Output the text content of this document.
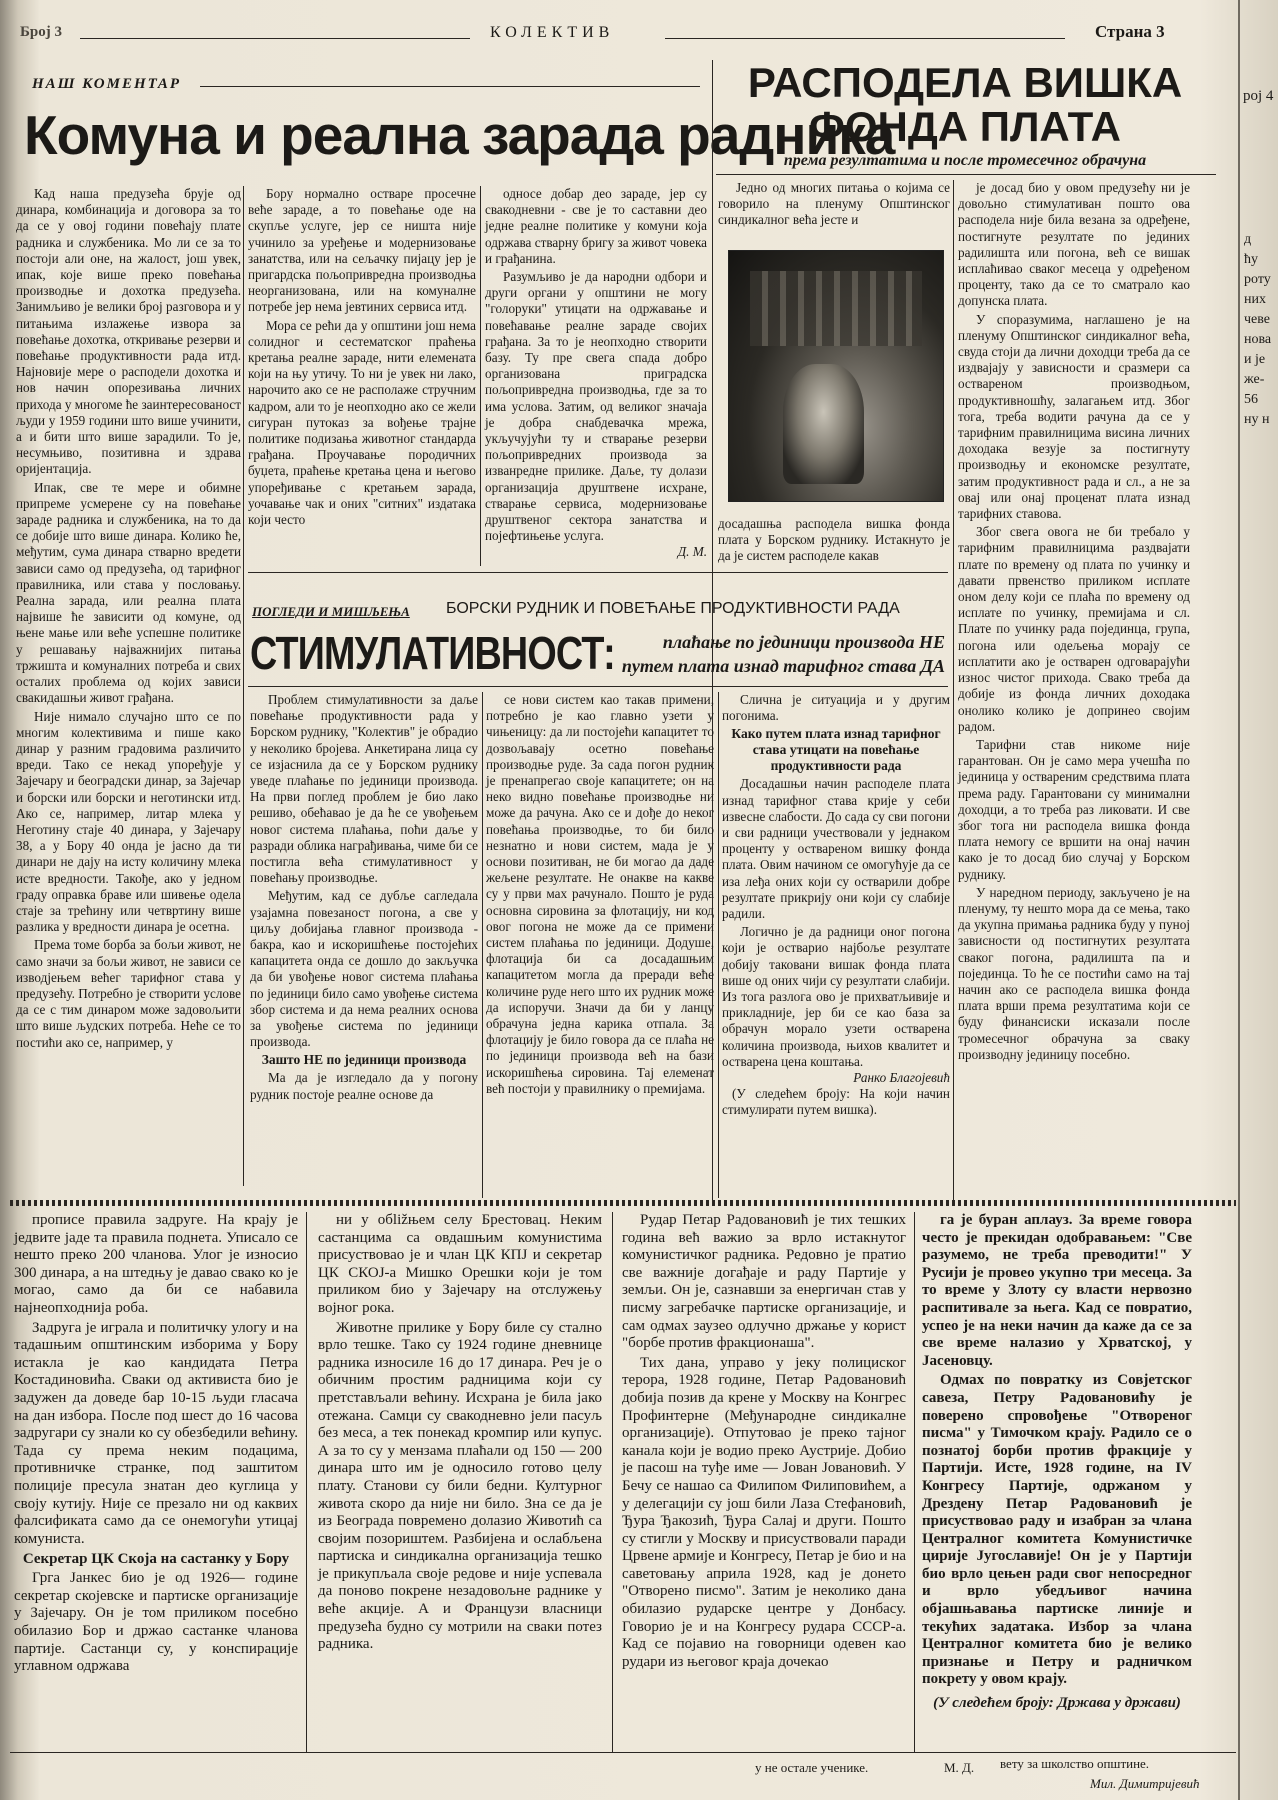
Број 3	КОЛЕКТИВ	Страна 3
рој 4
НАШ КОМЕНТАР
Комуна и реална зарада радника

Кад наша предузећа брује од динара, комбинација и договора за то да се у овој години повећају плате радника и службеника. Мо ли се за то постоји али оне, на жалост, још увек, ипак, које више преко повећања производње и дохотка предузећа. Занимљиво је велики број разговора и у питањима излажење извора за повећање дохотка, откривање резерви и повећање продуктивности рада итд. Најновије мере о расподели дохотка и нов начин опорезивања личних прихода у многоме ће заинтересованост људи у 1959 години што више учинити, а и бити што више зарадили. То је, несумњиво, позитивна и здрава оријентација.

Ипак, све те мере и обимне припреме усмерене су на повећање зараде радника и службеника, на то да се добије што више динара. Колико ће, међутим, сума динара стварно вредети зависи само од предузећа, од тарифног правилника, или става у пословању. Реална зарада, или реална плата највише ће зависити од комуне, од њене мање или веће успешне политике у решавању најважнијих питања тржишта и комуналних потреба и свих осталих проблема од којих зависи свакидашњи живот грађана.

Није нимало случајно што се по многим колективима и пише како динар у разним градовима различито вреди. Тако се некад упоређује у Зајечару и београдски динар, за Зајечар и борски или борски и неготински итд. Ако се, например, литар млека у Неготину стаје 40 динара, у Зајечару 38, а у Бору 40 онда је јасно да ти динари не дају на исту количину млека исте вредности. Такође, ако у једном граду оправка браве или шивење одела стаје за трећину или четвртину више разлика у вредности динара је осетна.

Према томе борба за бољи живот, не само значи за бољи живот, не зависи се изводјењем већег тарифног става у предузећу. Потребно је створити услове да се с тим динаром може задовољити што више људских потреба. Неће се то постићи ако се, например, у

Бору нормално остваре просечне веће зараде, а то повећање оде на скупље услуге, јер се ништа није учинило за уређење и модернизовање занатства, или на сељачку пијацу јер је пригардска пољопривредна производња неорганизована, или на комуналне потребе јер нема јевтиних сервиса итд.

Мора се рећи да у општини још нема солидног и сестематског праћења кретања реалне зараде, нити елемената који на њу утичу. То ни је увек ни лако, нарочито ако се не располаже стручним кадром, али то је неопходно ако се жели сигуран путоказ за вођење трајне политике подизања животног стандарда грађана. Проучавање породичних буџета, праћење кретања цена и његово упоређивање с кретањем зарада, уочавање чак и оних "ситних" издатака који често

односе добар део зараде, јер су свакодневни - све је то саставни део једне реалне политике у комуни која одржава стварну бригу за живот човека и грађанина.

Разумљиво је да народни одбори и други органи у општини не могу "голоруки" утицати на одржавање и повећавање реалне зараде својих грађана. За то је неопходно створити базу. Ту пре свега спада добро организована приградска пољопривредна производња, где за то има услова. Затим, од великог значаја је добра снабдевачка мрежа, укључујући ту и стварање резерви пољопривредних производа за изванредне прилике. Даље, ту долази организација друштвене исхране, стварање сервиса, модернизовање друштвеног сектора занатства и појефтињење услуга.

Д. М.
РАСПОДЕЛА ВИШКА
ФОНДА ПЛАТА
према резултатима и после тромесечног обрачуна

Једно од многих питања о којима се говорило на пленуму Општинског синдикалног већа јесте и

досадашња расподела вишка фонда плата у Борском руднику. Истакнуто је да је систем расподеле какав

је досад био у овом предузећу ни је довољно стимулативан пошто ова расподела није била везана за одређене, постигнуте резултате по јединих радилишта или погона, већ се вишак исплаћивао сваког месеца у одређеном проценту, тако да се то сматрало као допунска плата.

У споразумима, наглашено је на пленуму Општинског синдикалног већа, свуда стоји да лични доходци треба да се издвајају у зависности и сразмери са оствареном производњом, продуктивношћу, залагањем итд. Због тога, треба водити рачуна да се у тарифним правилницима висина личних доходака везује за постигнуту производњу и економске резултате, затим продуктивност рада и сл., а не за овај или онај проценат плата изнад тарифних ставова.

Због свега овога не би требало у тарифним правилницима раздвајати плате по времену од плата по учинку и давати првенство приликом исплате оном делу који се плаћа по времену од исплате по учинку, премијама и сл. Плате по учинку рада појединца, група, погона или одељења морају се исплатити ако је остварен одговарајући износ чистог прихода. Свако треба да добије из фонда личних доходака онолико колико је допринео својим радом.

Тарифни став никоме није гарантован. Он је само мера учешћа по јединица у оствареним средствима плата према раду. Гарантовани су минимални доходци, а то треба раз ликовати. И све због тога ни расподела вишка фонда плата немогу се вршити на онај начин како је то досад био случај у Борском руднику.

У наредном периоду, закључено је на пленуму, ту нешто мора да се мења, тако да укупна примања радника буду у пуној зависности од постигнутих резултата сваког погона, радилишта па и појединца. То ће се постићи само на тај начин ако се расподела вишка фонда плата врши према резултатима који се буду финансиски исказали после тромесечног обрачуна за сваку производну јединицу посебно.

ПОГЛЕДИ И МИШЉЕЊА БОРСКИ РУДНИК И ПОВЕЋАЊЕ ПРОДУКТИВНОСТИ РАДА
СТИМУЛАТИВНОСТ:	плаћање по јединици производа НЕ
путем плата изнад тарифног става ДА

Проблем стимулативности за даље повећање продуктивности рада у Борском руднику, "Колектив" је обрадио у неколико бројева. Анкетирана лица су се изјаснила да се у Борском руднику уведе плаћање по јединици производа. На први поглед проблем је био лако решиво, обећавао је да ће се увођењем новог система плаћања, поћи даље у разради облика награђивања, чиме би се постигла већа стимулативност у повећању производње.

Међутим, кад се дубље сагледала узајамна повезаност погона, а све у циљу добијања главног производа - бакра, као и искоришћење постојећих капацитета онда се дошло до закључка да би увођење новог система плаћања по јединици било само увођење система збор система и да нема реалних основа за увођење система по јединици производа.

Зашто НЕ по јединици производа

Ма да је изгледало да у погону рудник постоје реалне основе да

се нови систем као такав примени, потребно је као главно узети у чињеницу: да ли постојећи капацитет то дозвољавају осетно повећање производње руде. За сада погон рудник је пренапрегао своје капацитете; он на неко видно повећање производње ни може да рачуна. Ако се и дође до неког повећања производње, то би било незнатно и нови систем, мада је у основи позитиван, не би могао да даде жељене резултате. Не онакве на какве су у први мах рачунало. Пошто је руда основна сировина за флотацију, ни код овог погона не може да се примени систем плаћања по јединици. Додуше, флотација би са досадашњим капацитетом могла да преради веће количине руде него што их рудник може да испоручи. Значи да би у ланцу обрачуна једна карика отпала. За флотацију је било говора да се плаћа не по јединици производа већ на бази искоришћења сировина. Тај елеменат већ постоји у правилнику о премијама.

Слична је ситуација и у другим погонима.

Како путем плата изнад тарифног става утицати на повећање продуктивности рада

Досадашњи начин расподеле плата изнад тарифног става крије у себи извесне слабости. До сада су сви погони и сви радници учествовали у једнаком проценту у оствареном вишку фонда плата. Овим начином се омогућује да се иза леђа оних који су остварили добре резултате прикрију они који су слабије радили.

Логично је да радници оног погона који је остварио најбоље резултате добију таковани вишак фонда плата више од оних чији су резултати слабији. Из тога разлога ово је прихватљивије и прикладније, јер би се као база за обрачун морало узети остварена количина производа, њихов квалитет и остварена цена коштања.

Ранко Благојевић

(У следећем броју: На који начин стимулирати путем вишка).

прописе правила задруге. На крају је једвите јаде та правила поднета. Уписало се нешто преко 200 чланова. Улог је износио 300 динара, а на штедњу је давао свако ко је могао, само да би се набавила најнеопходнија роба.

Задруга је играла и политичку улогу и на тадашњим општинским изборима у Бору истакла је као кандидата Петра Костадиновића. Сваки од активиста био је задужен да доведе бар 10-15 људи гласача на дан избора. После под шест до 16 часова задругари су знали ко су обезбедили већину. Тада су према неким подацима, противничке странке, под заштитом полиције пресула знатан део куглица у своју кутију. Није се презало ни од каквих фалсификата само да се онемогући утицај комуниста.

Секретар ЦК Скоја на састанку у Бору

Грга Јанкес био је од 1926— године секретар скојевске и партиске организације у Зајечару. Он је том приликом посебно обилазио Бор и држао састанке чланова партије. Састанци су, у конспирације углавном одржава

ни у обližњем селу Брестовац. Неким састанцима са овдашњим комунистима присуствовао је и члан ЦК КПЈ и секретар ЦК СКОЈ-а Мишко Орешки који је том приликом био у Зајечару на отслужењу војног рока.

Животне прилике у Бору биле су стално врло тешке. Тако су 1924 године дневнице радника износиле 16 до 17 динара. Реч је о обичним простим радницима који су претстављали већину. Исхрана је била јако отежана. Самци су свакодневно јели пасуљ без меса, а тек понекад кромпир или купус. А за то су у мензама плаћали од 150 — 200 динара што им је односило готово целу плату. Станови су били бедни. Културног живота скоро да није ни било. Зна се да је из Београда повремено долазио Животић са својим позориштем. Разбијена и ослабљена партиска и синдикална организација тешко је прикупљала своје редове и није успевала да поново покрене незадовољне раднике у веће акције. А и Французи власници предузећа будно су мотрили на сваки потез радника.

Рудар Петар Радовановић је тих тешких година већ важио за врло истакнутог комунистичког радника. Редовно је пратио све важније догађаје и раду Партије у земљи. Он је, сазнавши за енергичан став у писму загребачке партиске организације, и сам одмах заузео одлучно држање у корист "борбе против фракционаша".

Тих дана, управо у јеку полициског терора, 1928 године, Петар Радовановић добија позив да крене у Москву на Конгрес Профинтерне (Међународне синдикалне организације). Отпутовао је преко тајног канала који је водио преко Аустрије. Добио је пасош на туђе име — Јован Јовановић. У Бечу се нашао са Филипом Филиповићем, а у делегацији су још били Лаза Стефановић, Ђура Ђакозић, Ђура Салај и други. Пошто су стигли у Москву и присуствовали паради Црвене армије и Конгресу, Петар је био и на саветовању априла 1928, кад је донето "Отворено писмо". Затим је неколико дана обилазио рударске центре у Донбасу. Говорио је и на Конгресу рудара СССР-а. Кад се појавио на говорници одевен као рудари из његовог краја дочекао

га је буран аплауз. За време говора често је прекидан одобравањем: "Све разумемо, не треба преводити!" У Русији је провео укупно три месеца. За то време у Злоту су власти нервозно распитивале за њега. Кад се повратио, успео је на неки начин да каже да се за све време налазио у Хрватској, у Јасеновцу.

Одмах по повратку из Совјетског савеза, Петру Радовановићу је поверено спровођење "Отвореног писма" у Тимочком крају. Радило се о познатој борби против фракције у Партији. Исте, 1928 године, на IV Конгресу Партије, одржаном у Дрездену Петар Радовановић је присуствовао раду и изабран за члана Централног комитета Комунистичке цирије Југославије! Он је у Партији био врло цењен ради свог непосредног и врло убедљивог начина објашњавања партиске линије и текућих задатака. Избор за члана Централног комитета био је велико признање и Петру и радничком покрету у овом крају.

(У следећем броју: Држава у држави)

у не остале ученике.	М. Д. вету за школство општине.
Мил. Димитријевић
д
ћу
роту
них
чеве
нова
и је
же-
56
ну н
